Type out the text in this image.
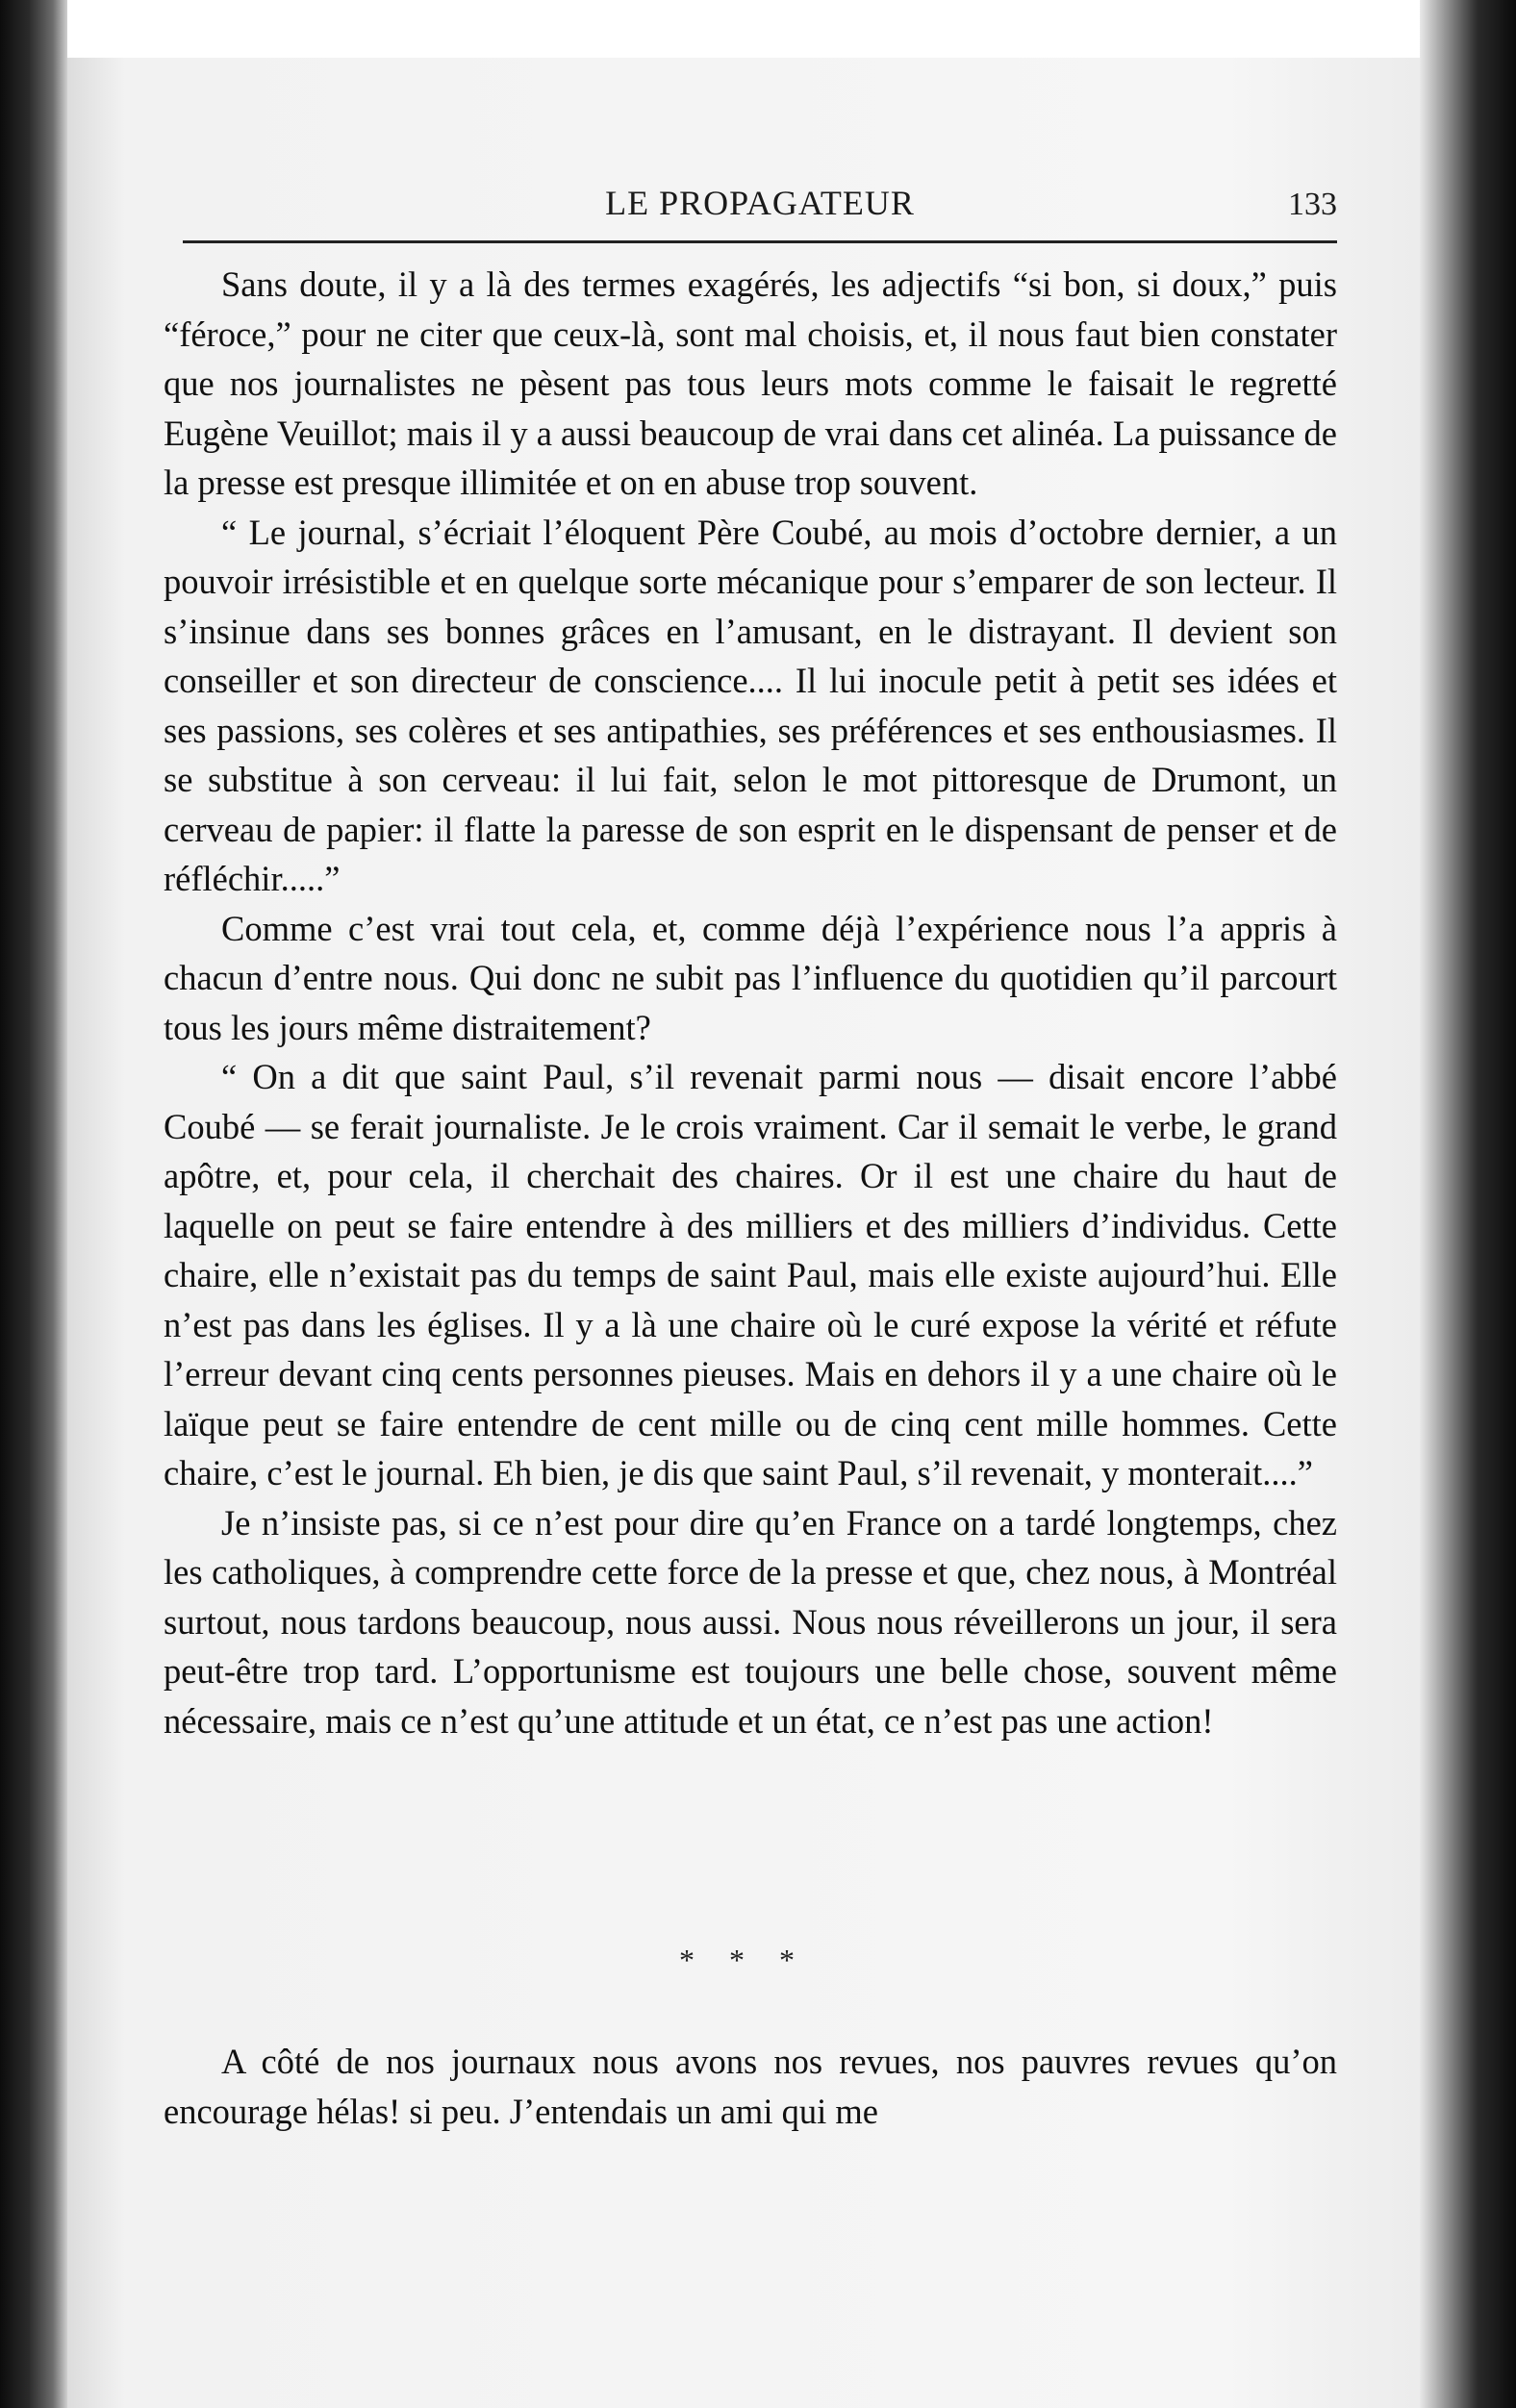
LE PROPAGATEUR	133

Sans doute, il y a là des termes exagérés, les adjectifs “si bon, si doux,” puis “féroce,” pour ne citer que ceux-là, sont mal choisis, et, il nous faut bien constater que nos journalistes ne pèsent pas tous leurs mots comme le faisait le regretté Eugène Veuillot; mais il y a aussi beaucoup de vrai dans cet alinéa. La puissance de la presse est presque illimitée et on en abuse trop souvent.

“ Le journal, s’écriait l’éloquent Père Coubé, au mois d’octobre dernier, a un pouvoir irrésistible et en quelque sorte mécanique pour s’emparer de son lecteur. Il s’insinue dans ses bonnes grâces en l’amusant, en le distrayant. Il devient son conseiller et son directeur de conscience.... Il lui inocule petit à petit ses idées et ses passions, ses colères et ses antipathies, ses préférences et ses enthousiasmes. Il se substitue à son cerveau: il lui fait, selon le mot pittoresque de Drumont, un cerveau de papier: il flatte la paresse de son esprit en le dispensant de penser et de réfléchir.....”

Comme c’est vrai tout cela, et, comme déjà l’expérience nous l’a appris à chacun d’entre nous. Qui donc ne subit pas l’influence du quotidien qu’il parcourt tous les jours même distraitement?

“ On a dit que saint Paul, s’il revenait parmi nous — disait encore l’abbé Coubé — se ferait journaliste. Je le crois vraiment. Car il semait le verbe, le grand apôtre, et, pour cela, il cherchait des chaires. Or il est une chaire du haut de laquelle on peut se faire entendre à des milliers et des milliers d’individus. Cette chaire, elle n’existait pas du temps de saint Paul, mais elle existe aujourd’hui. Elle n’est pas dans les églises. Il y a là une chaire où le curé expose la vérité et réfute l’erreur devant cinq cents personnes pieuses. Mais en dehors il y a une chaire où le laïque peut se faire entendre de cent mille ou de cinq cent mille hommes. Cette chaire, c’est le journal. Eh bien, je dis que saint Paul, s’il revenait, y monterait....”

Je n’insiste pas, si ce n’est pour dire qu’en France on a tardé longtemps, chez les catholiques, à comprendre cette force de la presse et que, chez nous, à Montréal surtout, nous tardons beaucoup, nous aussi. Nous nous réveillerons un jour, il sera peut-être trop tard. L’opportunisme est toujours une belle chose, souvent même nécessaire, mais ce n’est qu’une attitude et un état, ce n’est pas une action!

* * *

A côté de nos journaux nous avons nos revues, nos pauvres revues qu’on encourage hélas! si peu. J’entendais un ami qui me
